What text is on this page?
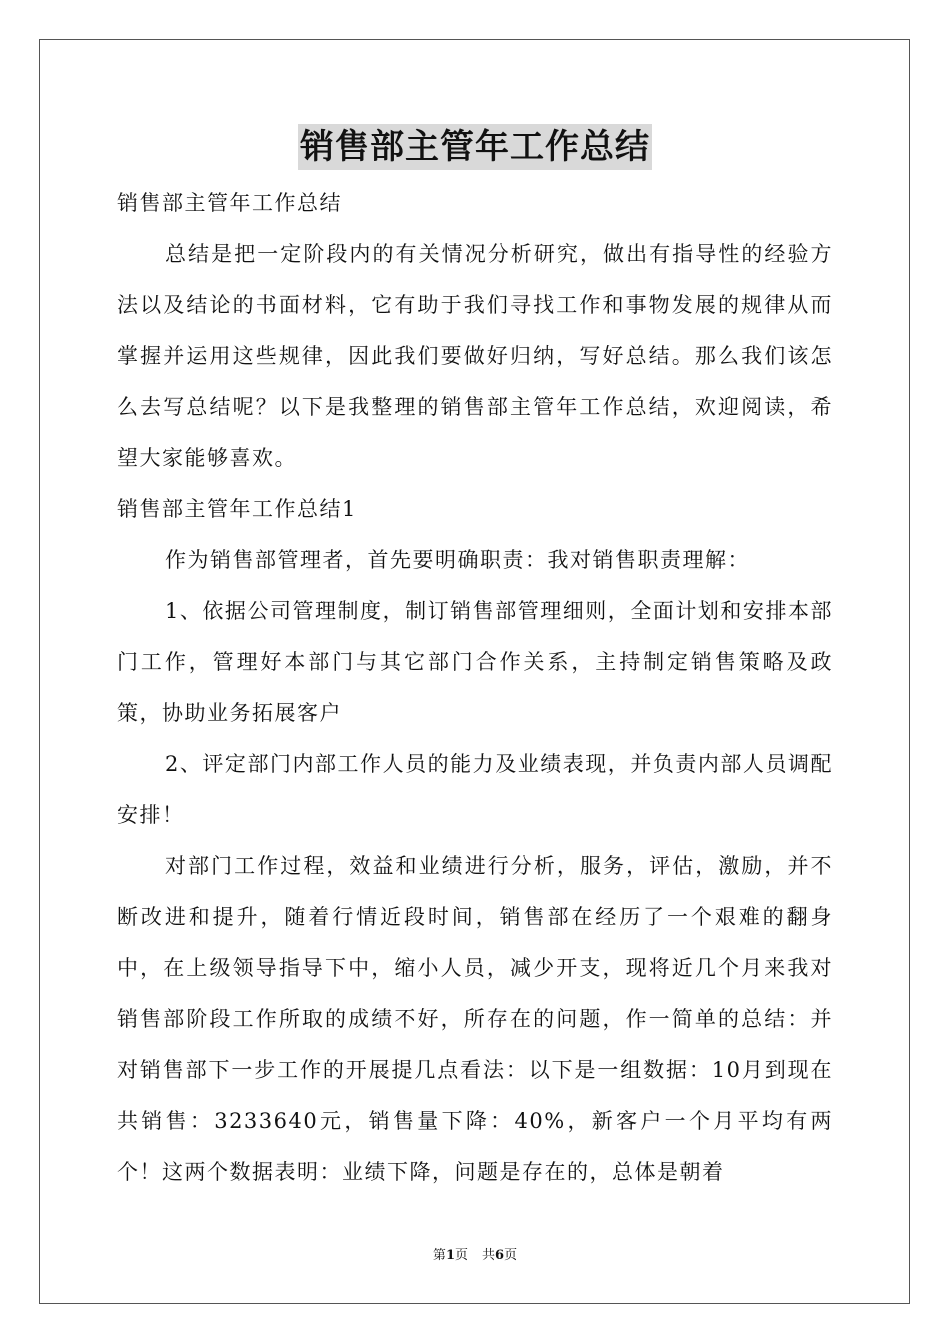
销售部主管年工作总结

销售部主管年工作总结

总结是把一定阶段内的有关情况分析研究，做出有指导性的经验方法以及结论的书面材料，它有助于我们寻找工作和事物发展的规律从而掌握并运用这些规律，因此我们要做好归纳，写好总结。那么我们该怎么去写总结呢？以下是我整理的销售部主管年工作总结，欢迎阅读，希望大家能够喜欢。

销售部主管年工作总结1

作为销售部管理者，首先要明确职责：我对销售职责理解：

1、依据公司管理制度，制订销售部管理细则，全面计划和安排本部门工作，管理好本部门与其它部门合作关系，主持制定销售策略及政策，协助业务拓展客户

2、评定部门内部工作人员的能力及业绩表现，并负责内部人员调配安排！

对部门工作过程，效益和业绩进行分析，服务，评估，激励，并不断改进和提升，随着行情近段时间，销售部在经历了一个艰难的翻身中，在上级领导指导下中，缩小人员，减少开支，现将近几个月来我对销售部阶段工作所取的成绩不好，所存在的问题，作一简单的总结：并对销售部下一步工作的开展提几点看法：以下是一组数据：10月到现在共销售：3233640元，销售量下降：40%，新客户一个月平均有两个！这两个数据表明：业绩下降，问题是存在的，总体是朝着

第1页 共6页
